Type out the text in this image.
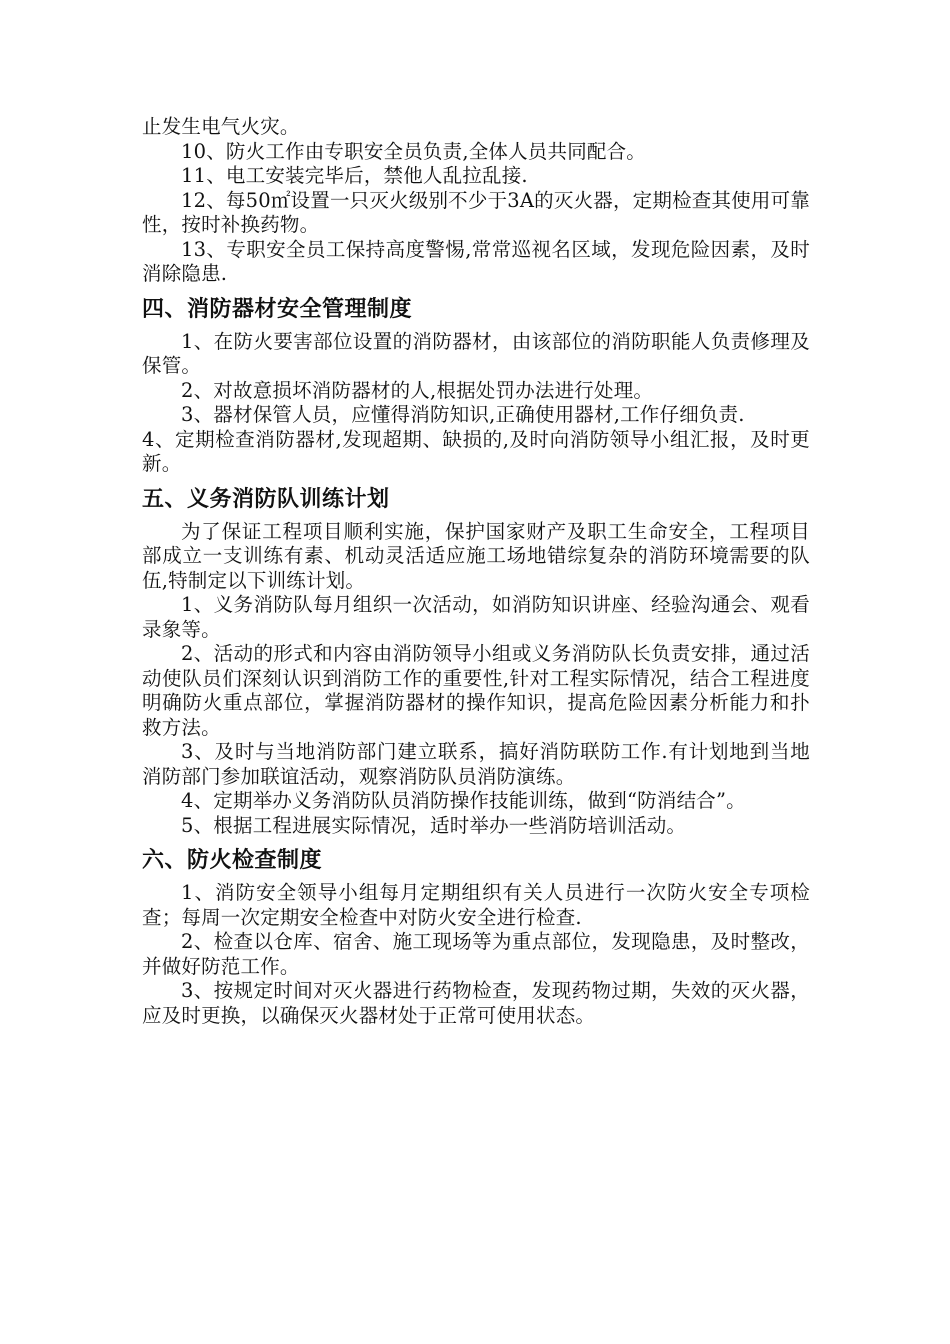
止发生电气火灾。

10、防火工作由专职安全员负责,全体人员共同配合。

11、电工安装完毕后，禁他人乱拉乱接.

12、每50㎡设置一只灭火级别不少于3A的灭火器，定期检查其使用可靠性，按时补换药物。

13、专职安全员工保持高度警惕,常常巡视名区域，发现危险因素，及时消除隐患.

四、消防器材安全管理制度

1、在防火要害部位设置的消防器材，由该部位的消防职能人负责修理及保管。

2、对故意损坏消防器材的人,根据处罚办法进行处理。

3、器材保管人员，应懂得消防知识,正确使用器材,工作仔细负责.

4、定期检查消防器材,发现超期、缺损的,及时向消防领导小组汇报，及时更新。

五、义务消防队训练计划

为了保证工程项目顺利实施，保护国家财产及职工生命安全，工程项目部成立一支训练有素、机动灵活适应施工场地错综复杂的消防环境需要的队伍,特制定以下训练计划。

1、义务消防队每月组织一次活动，如消防知识讲座、经验沟通会、观看录象等。

2、活动的形式和内容由消防领导小组或义务消防队长负责安排，通过活动使队员们深刻认识到消防工作的重要性,针对工程实际情况，结合工程进度明确防火重点部位，掌握消防器材的操作知识，提高危险因素分析能力和扑救方法。

3、及时与当地消防部门建立联系，搞好消防联防工作.有计划地到当地消防部门参加联谊活动，观察消防队员消防演练。

4、定期举办义务消防队员消防操作技能训练，做到“防消结合”。

5、根据工程进展实际情况，适时举办一些消防培训活动。

六、防火检查制度

1、消防安全领导小组每月定期组织有关人员进行一次防火安全专项检查；每周一次定期安全检查中对防火安全进行检查.

2、检查以仓库、宿舍、施工现场等为重点部位，发现隐患，及时整改，并做好防范工作。

3、按规定时间对灭火器进行药物检查，发现药物过期，失效的灭火器，应及时更换，以确保灭火器材处于正常可使用状态。
